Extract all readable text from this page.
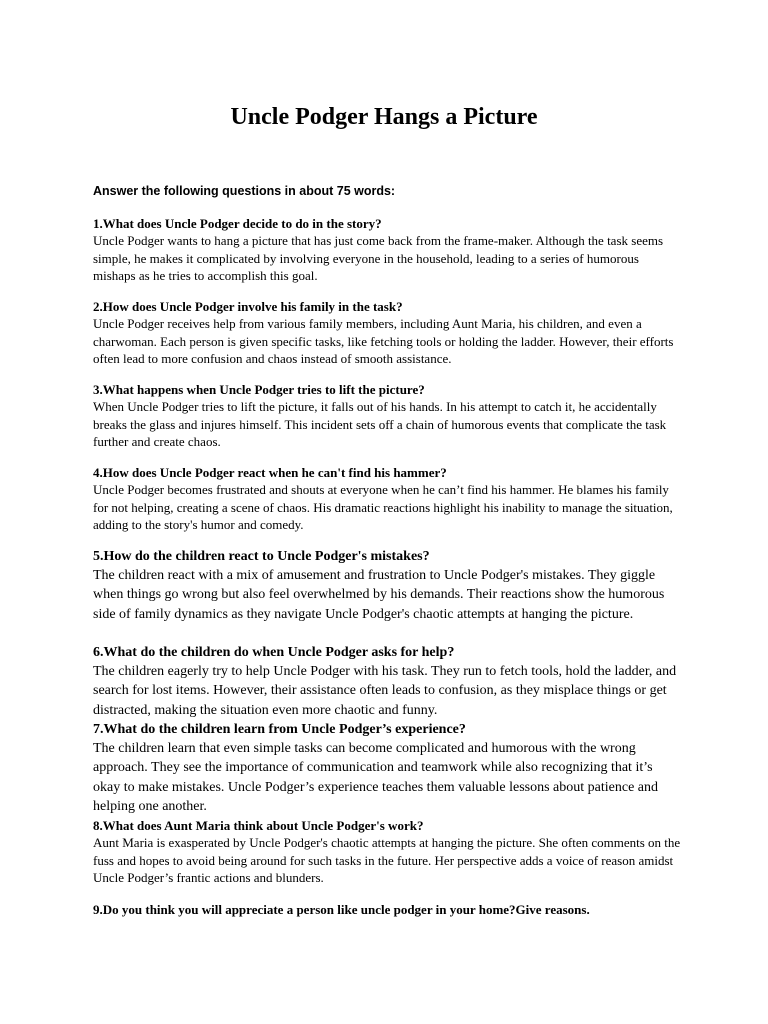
Uncle Podger Hangs a Picture

Answer the following questions in about 75 words:

1.What does Uncle Podger decide to do in the story?

Uncle Podger wants to hang a picture that has just come back from the frame-maker. Although the task seems simple, he makes it complicated by involving everyone in the household, leading to a series of humorous mishaps as he tries to accomplish this goal.

2.How does Uncle Podger involve his family in the task?

Uncle Podger receives help from various family members, including Aunt Maria, his children, and even a charwoman. Each person is given specific tasks, like fetching tools or holding the ladder. However, their efforts often lead to more confusion and chaos instead of smooth assistance.

3.What happens when Uncle Podger tries to lift the picture?

When Uncle Podger tries to lift the picture, it falls out of his hands. In his attempt to catch it, he accidentally breaks the glass and injures himself. This incident sets off a chain of humorous events that complicate the task further and create chaos.

4.How does Uncle Podger react when he can't find his hammer?

Uncle Podger becomes frustrated and shouts at everyone when he can’t find his hammer. He blames his family for not helping, creating a scene of chaos. His dramatic reactions highlight his inability to manage the situation, adding to the story's humor and comedy.

5.How do the children react to Uncle Podger's mistakes?

The children react with a mix of amusement and frustration to Uncle Podger's mistakes. They giggle when things go wrong but also feel overwhelmed by his demands. Their reactions show the humorous side of family dynamics as they navigate Uncle Podger's chaotic attempts at hanging the picture.

6.What do the children do when Uncle Podger asks for help?

The children eagerly try to help Uncle Podger with his task. They run to fetch tools, hold the ladder, and search for lost items. However, their assistance often leads to confusion, as they misplace things or get distracted, making the situation even more chaotic and funny.

7.What do the children learn from Uncle Podger’s experience?

The children learn that even simple tasks can become complicated and humorous with the wrong approach. They see the importance of communication and teamwork while also recognizing that it’s okay to make mistakes. Uncle Podger’s experience teaches them valuable lessons about patience and helping one another.

8.What does Aunt Maria think about Uncle Podger's work?

Aunt Maria is exasperated by Uncle Podger's chaotic attempts at hanging the picture. She often comments on the fuss and hopes to avoid being around for such tasks in the future. Her perspective adds a voice of reason amidst Uncle Podger’s frantic actions and blunders.

9.Do you think you will appreciate a person like uncle podger in your home?Give reasons.
